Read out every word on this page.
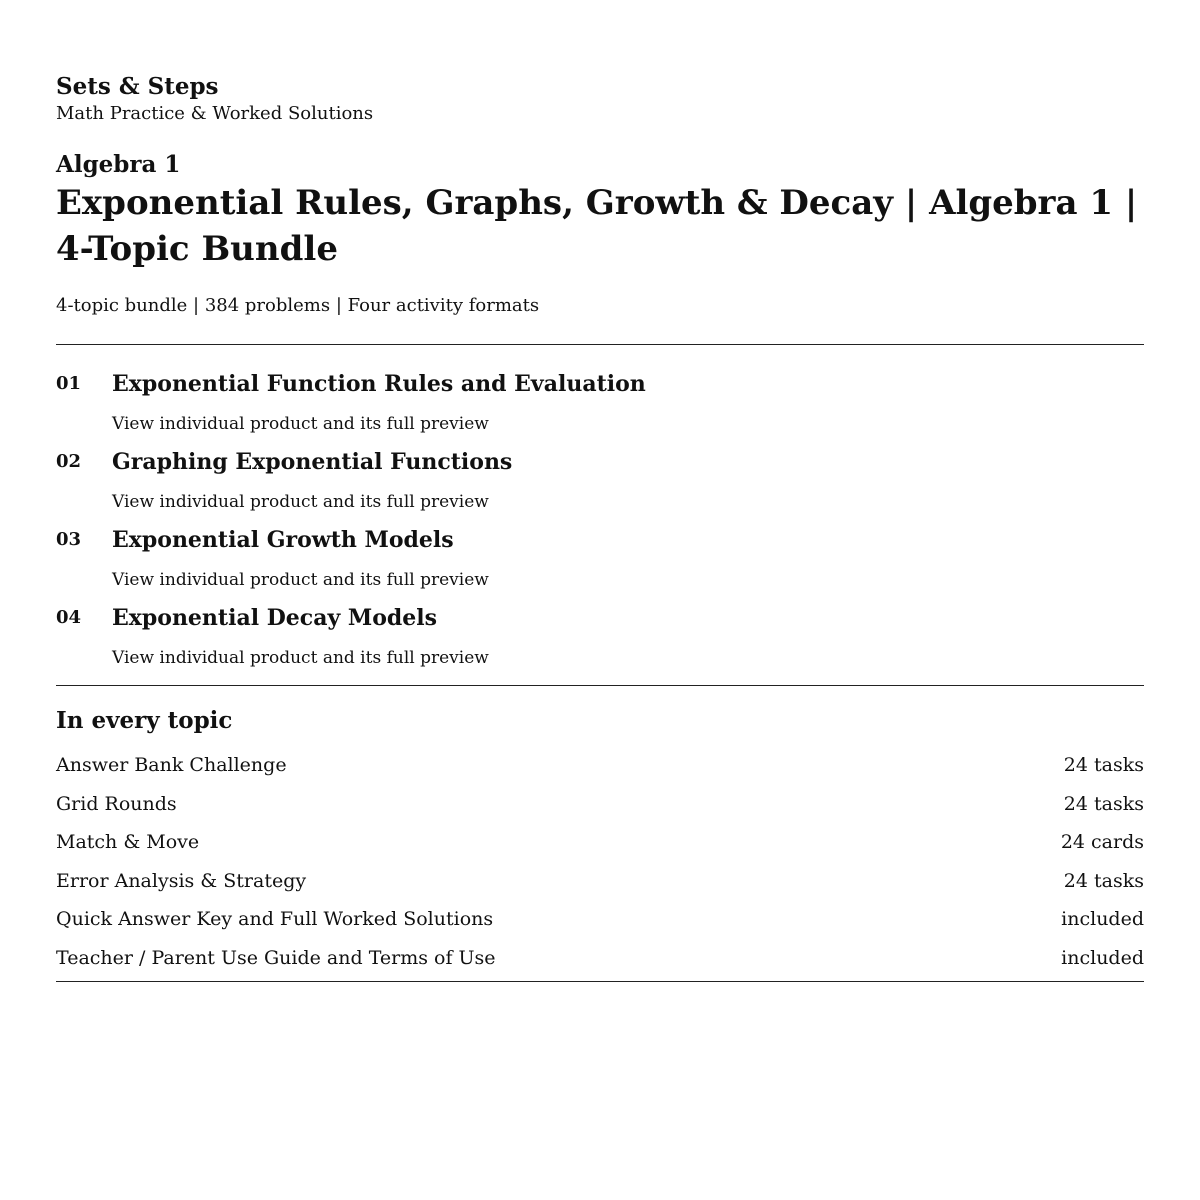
Sets & Steps
Math Practice & Worked Solutions
Algebra 1
Exponential Rules, Graphs, Growth & Decay | Algebra 1 | 4-Topic Bundle
4-topic bundle | 384 problems | Four activity formats
01	Exponential Function Rules and Evaluation
View individual product and its full preview
02	Graphing Exponential Functions
View individual product and its full preview
03	Exponential Growth Models
View individual product and its full preview
04	Exponential Decay Models
View individual product and its full preview
In every topic
Answer Bank Challenge	24 tasks
Grid Rounds	24 tasks
Match & Move	24 cards
Error Analysis & Strategy	24 tasks
Quick Answer Key and Full Worked Solutions	included
Teacher / Parent Use Guide and Terms of Use	included
